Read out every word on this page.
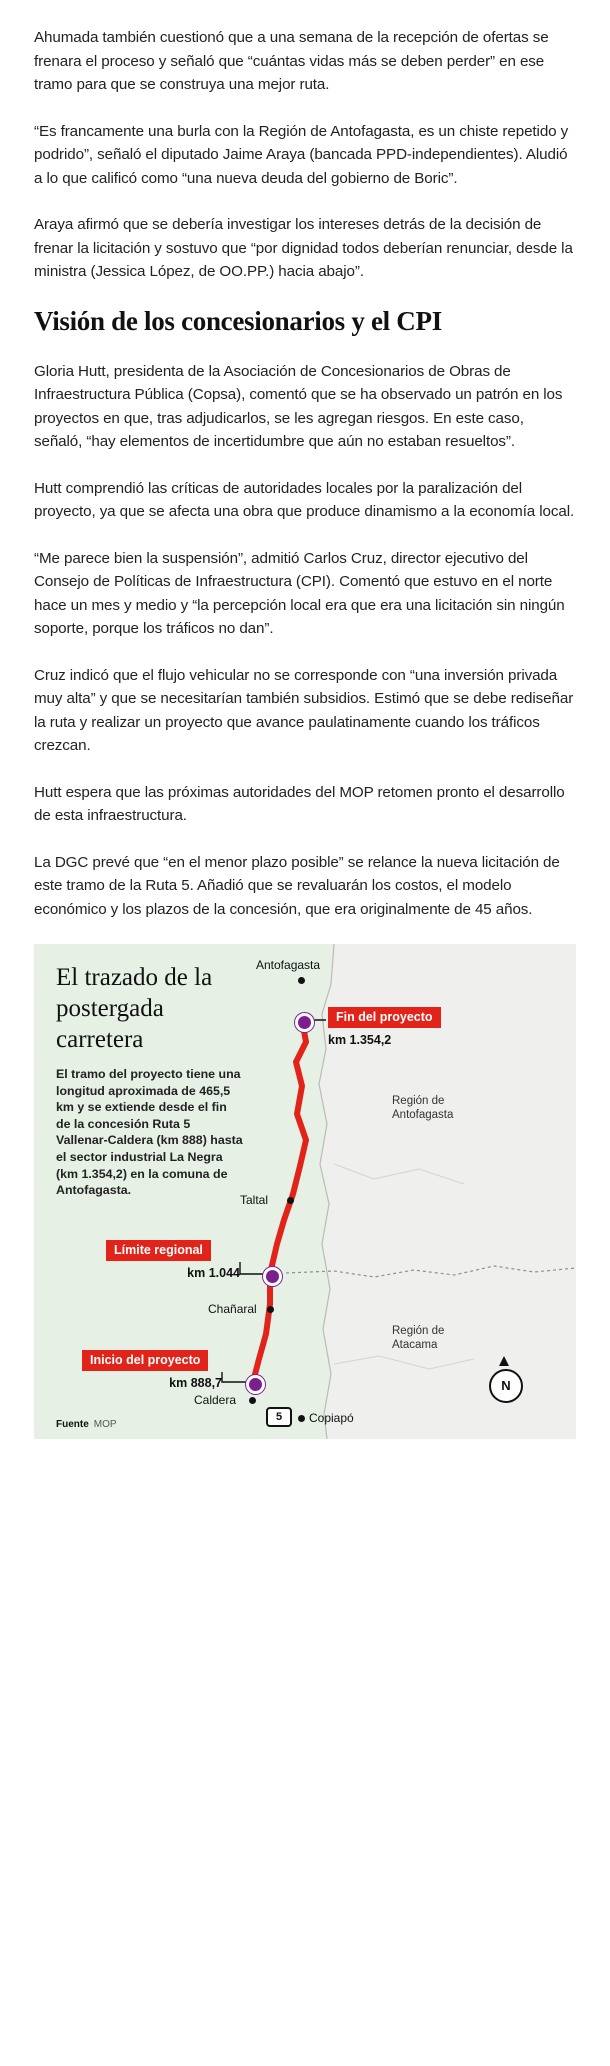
Ahumada también cuestionó que a una semana de la recepción de ofertas se frenara el proceso y señaló que “cuántas vidas más se deben perder” en ese tramo para que se construya una mejor ruta.

“Es francamente una burla con la Región de Antofagasta, es un chiste repetido y podrido”, señaló el diputado Jaime Araya (bancada PPD-independientes). Aludió a lo que calificó como “una nueva deuda del gobierno de Boric”.

Araya afirmó que se debería investigar los intereses detrás de la decisión de frenar la licitación y sostuvo que “por dignidad todos deberían renunciar, desde la ministra (Jessica López, de OO.PP.) hacia abajo”.

Visión de los concesionarios y el CPI

Gloria Hutt, presidenta de la Asociación de Concesionarios de Obras de Infraestructura Pública (Copsa), comentó que se ha observado un patrón en los proyectos en que, tras adjudicarlos, se les agregan riesgos. En este caso, señaló, “hay elementos de incertidumbre que aún no estaban resueltos”.

Hutt comprendió las críticas de autoridades locales por la paralización del proyecto, ya que se afecta una obra que produce dinamismo a la economía local.

“Me parece bien la suspensión”, admitió Carlos Cruz, director ejecutivo del Consejo de Políticas de Infraestructura (CPI). Comentó que estuvo en el norte hace un mes y medio y “la percepción local era que era una licitación sin ningún soporte, porque los tráficos no dan”.

Cruz indicó que el flujo vehicular no se corresponde con “una inversión privada muy alta” y que se necesitarían también subsidios. Estimó que se debe rediseñar la ruta y realizar un proyecto que avance paulatinamente cuando los tráficos crezcan.

Hutt espera que las próximas autoridades del MOP retomen pronto el desarrollo de esta infraestructura.

La DGC prevé que “en el menor plazo posible” se relance la nueva licitación de este tramo de la Ruta 5. Añadió que se revaluarán los costos, el modelo económico y los plazos de la concesión, que era originalmente de 45 años.

El trazado de la postergada carretera
El tramo del proyecto tiene una longitud aproximada de 465,5 km y se extiende desde el fin de la concesión Ruta 5 Vallenar-Caldera (km 888) hasta el sector industrial La Negra (km 1.354,2) en la comuna de Antofagasta.
Fuente MOP
Región de Antofagasta
Región de Atacama
Antofagasta
Taltal
Chañaral
Caldera
Copiapó
Fin del proyecto
km 1.354,2
Límite regional
km 1.044
Inicio del proyecto
km 888,7
5
N
